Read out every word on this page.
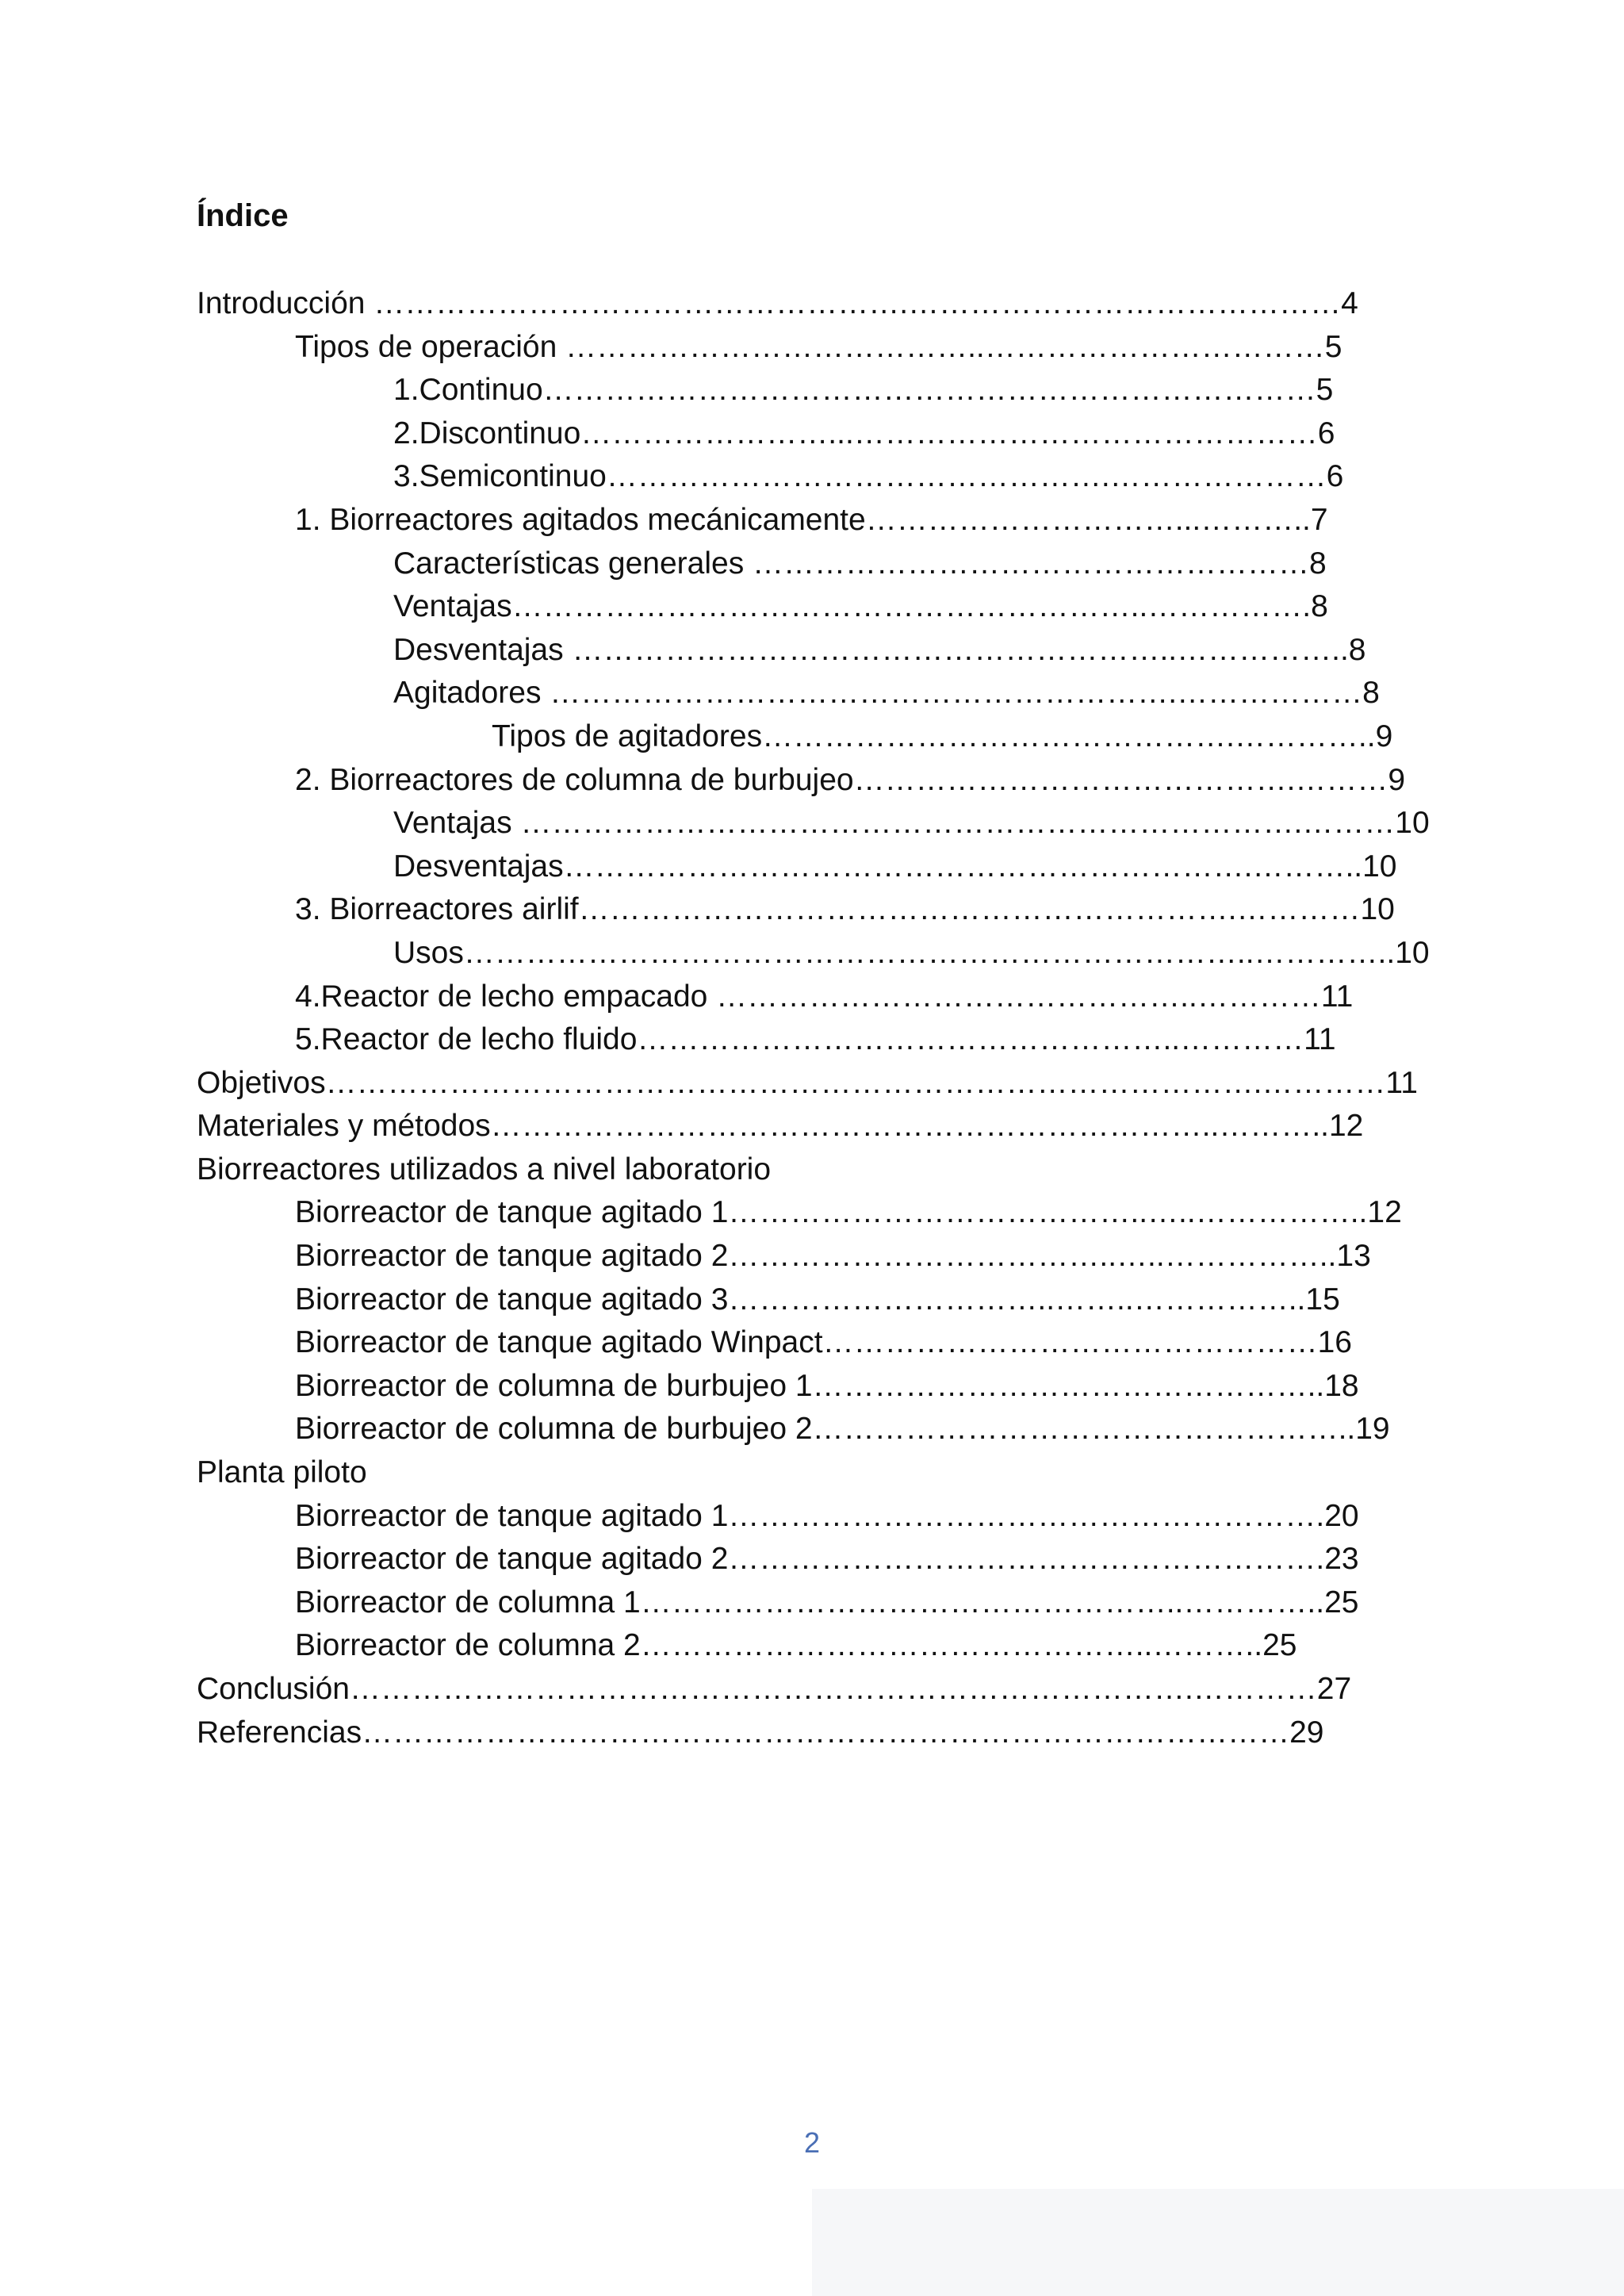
Índice
Introducción …………………………………………….……………………………………4
Tipos de operación …………………………………..……………………………5
1.Continuo…………………………………………………………………5
2.Discontinuo……………………...………………………………………6
3.Semicontinuo………………………………………….…………………6
1. Biorreactores agitados mecánicamente…………………………...………..7
Características generales ………………………………………………8
Ventajas……………………………………………………..…………….8
Desventajas …………………………………………………..……………..8
Agitadores …………………………………………………….………………8
Tipos de agitadores……………………………………….…………..9
2. Biorreactores de columna de burbujeo…………………………………….………9
Ventajas ………………………………………………………………….………10
Desventajas………………………………………………………….………..10
3. Biorreactores airlif……………………………………………………….…………10
Usos…………………………………………………………………..…………..10
4.Reactor de lecho empacado ………………………………………..…………11
5.Reactor de lecho fluido……………………………………………..…………11
Objetivos……………………………………………………………………………….…………11
Materiales y métodos……………………………………………………………..………..12
Biorreactores utilizados a nivel laboratorio
Biorreactor de tanque agitado 1…………………………………..…..……………..12
Biorreactor de tanque agitado 2………………………………..…..……………..13
Biorreactor de tanque agitado 3…………………………..……..……………..15
Biorreactor de tanque agitado Winpact…………………………………………16
Biorreactor de columna de burbujeo 1…………………………………………..18
Biorreactor de columna de burbujeo 2……………………………………………..19
Planta piloto
Biorreactor de tanque agitado 1………………………………………………….20
Biorreactor de tanque agitado 2………………………………………………….23
Biorreactor de columna 1……………………………………………..…………..25
Biorreactor de columna 2…………………………………………..………..25
Conclusión……………………………………………………………………….…………27
Referencias………………………………………………………………………………29
2
